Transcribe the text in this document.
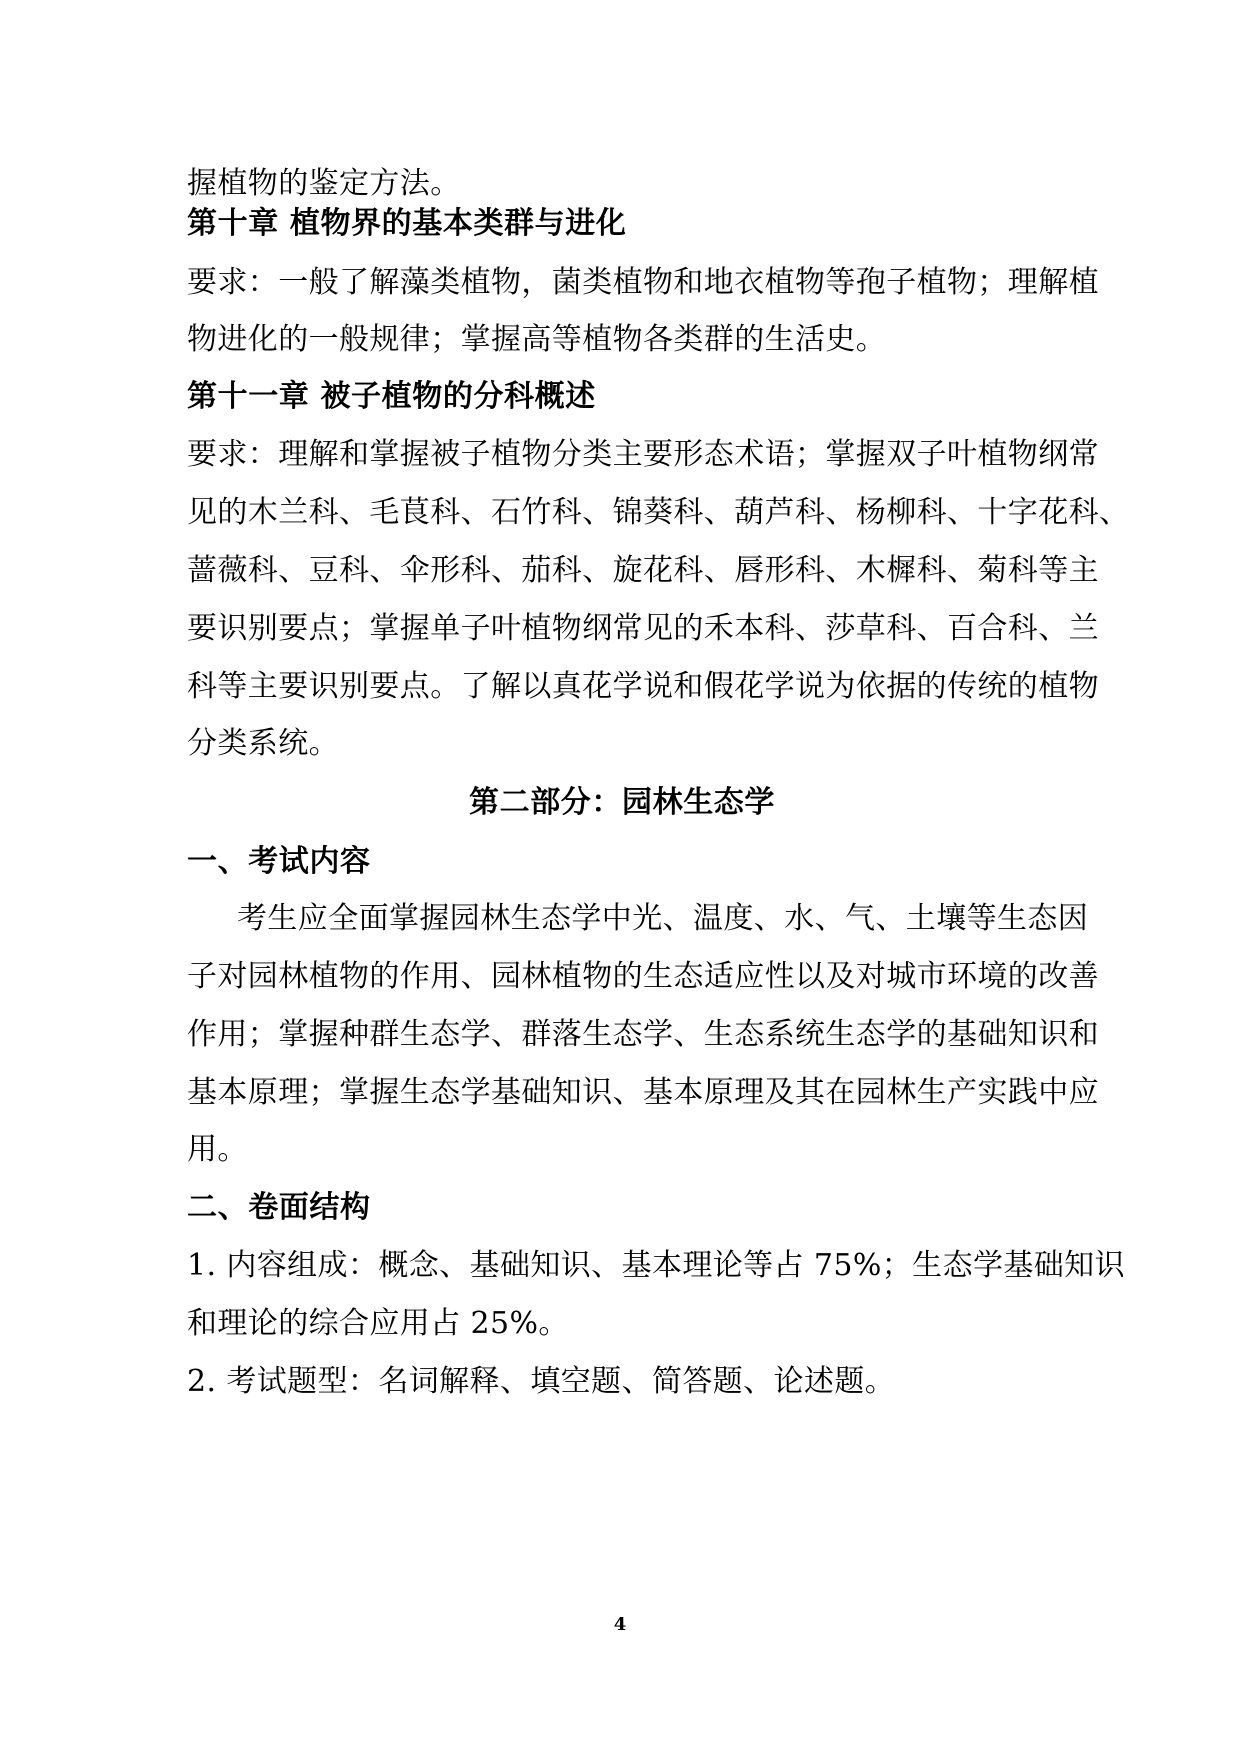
握植物的鉴定方法。
第十章 植物界的基本类群与进化
要求：一般了解藻类植物，菌类植物和地衣植物等孢子植物；理解植
物进化的一般规律；掌握高等植物各类群的生活史。
第十一章 被子植物的分科概述
要求：理解和掌握被子植物分类主要形态术语；掌握双子叶植物纲常
见的木兰科、毛茛科、石竹科、锦葵科、葫芦科、杨柳科、十字花科、
蔷薇科、豆科、伞形科、茄科、旋花科、唇形科、木樨科、菊科等主
要识别要点；掌握单子叶植物纲常见的禾本科、莎草科、百合科、兰
科等主要识别要点。了解以真花学说和假花学说为依据的传统的植物
分类系统。
第二部分：园林生态学
一、考试内容
考生应全面掌握园林生态学中光、温度、水、气、土壤等生态因
子对园林植物的作用、园林植物的生态适应性以及对城市环境的改善
作用；掌握种群生态学、群落生态学、生态系统生态学的基础知识和
基本原理；掌握生态学基础知识、基本原理及其在园林生产实践中应
用。
二、卷面结构
1. 内容组成：概念、基础知识、基本理论等占 75%；生态学基础知识
和理论的综合应用占 25%。
2. 考试题型：名词解释、填空题、简答题、论述题。
4
